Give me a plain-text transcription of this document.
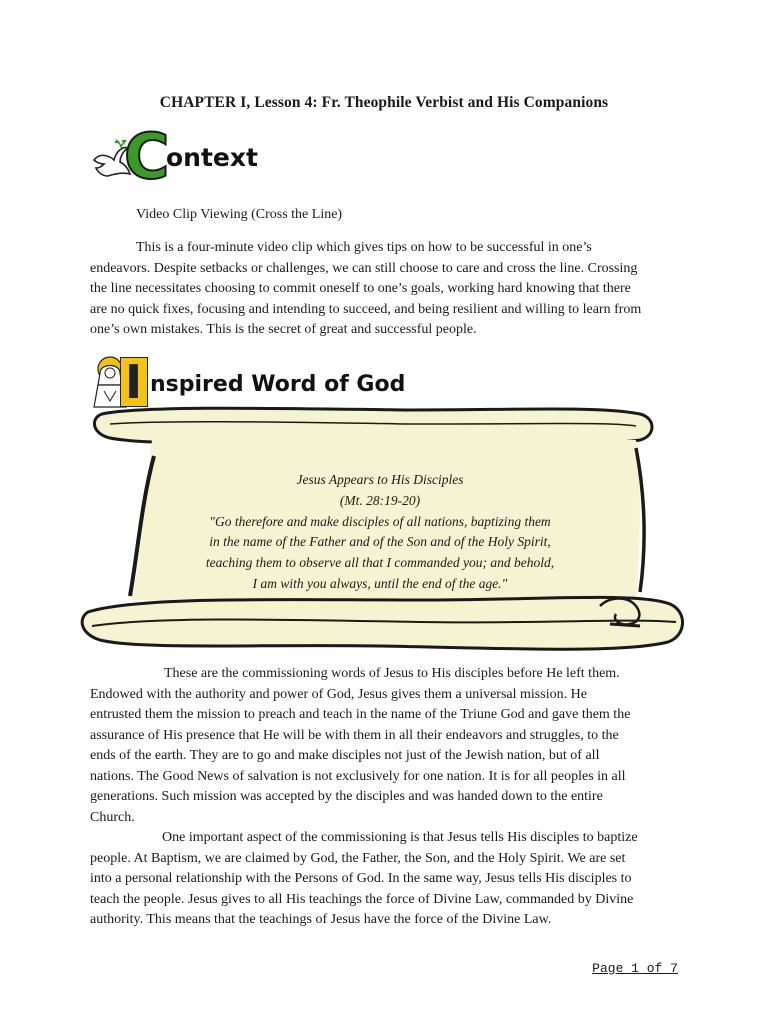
CHAPTER I, Lesson 4: Fr. Theophile Verbist and His Companions
C
ontext
Video Clip Viewing (Cross the Line)
This is a four-minute video clip which gives tips on how to be successful in one’s
endeavors. Despite setbacks or challenges, we can still choose to care and cross the line. Crossing
the line necessitates choosing to commit oneself to one’s goals, working hard knowing that there
are no quick fixes, focusing and intending to succeed, and being resilient and willing to learn from
one’s own mistakes. This is the secret of great and successful people.
I nspired Word of God
Jesus Appears to His Disciples
(Mt. 28:19-20)
"Go therefore and make disciples of all nations, baptizing them
in the name of the Father and of the Son and of the Holy Spirit,
teaching them to observe all that I commanded you; and behold,
I am with you always, until the end of the age."
These are the commissioning words of Jesus to His disciples before He left them.
Endowed with the authority and power of God, Jesus gives them a universal mission. He
entrusted them the mission to preach and teach in the name of the Triune God and gave them the
assurance of His presence that He will be with them in all their endeavors and struggles, to the
ends of the earth. They are to go and make disciples not just of the Jewish nation, but of all
nations. The Good News of salvation is not exclusively for one nation. It is for all peoples in all
generations. Such mission was accepted by the disciples and was handed down to the entire
Church.
One important aspect of the commissioning is that Jesus tells His disciples to baptize
people. At Baptism, we are claimed by God, the Father, the Son, and the Holy Spirit. We are set
into a personal relationship with the Persons of God. In the same way, Jesus tells His disciples to
teach the people. Jesus gives to all His teachings the force of Divine Law, commanded by Divine
authority. This means that the teachings of Jesus have the force of the Divine Law.
Page 1 of 7
